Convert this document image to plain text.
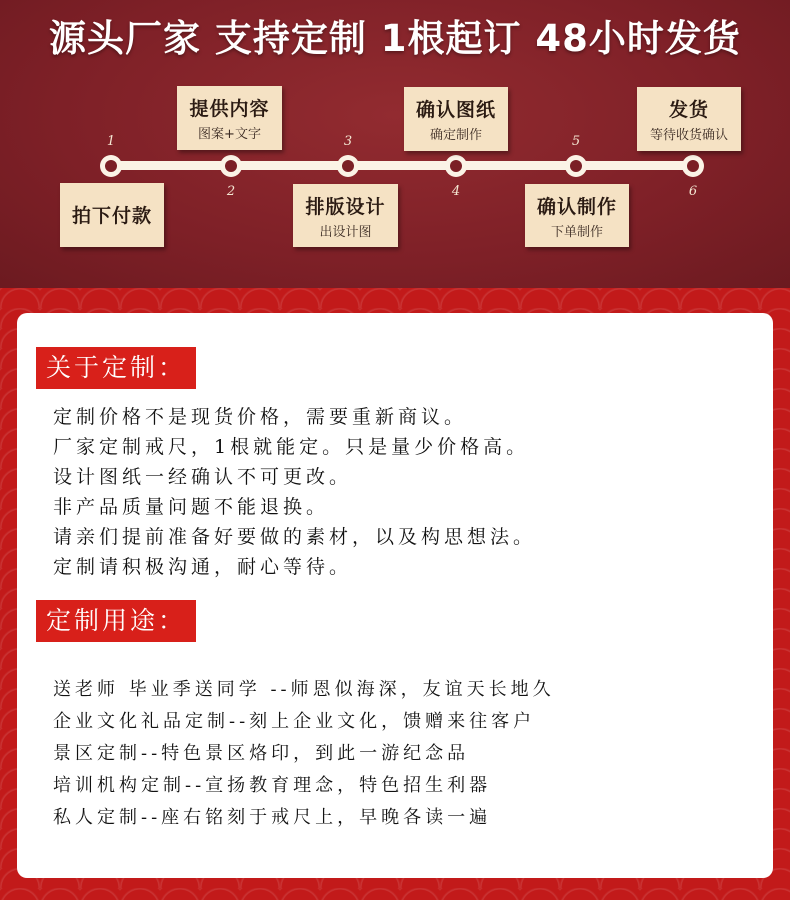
源头厂家 支持定制 1根起订 48小时发货
1
2
3
4
5
6
拍下付款
提供内容
图案+文字
排版设计
出设计图
确认图纸
确定制作
确认制作
下单制作
发货
等待收货确认
关于定制：
定制价格不是现货价格，需要重新商议。
厂家定制戒尺，1根就能定。只是量少价格高。
设计图纸一经确认不可更改。
非产品质量问题不能退换。
请亲们提前准备好要做的素材，以及构思想法。
定制请积极沟通，耐心等待。
定制用途：
送老师 毕业季送同学 --师恩似海深，友谊天长地久
企业文化礼品定制--刻上企业文化，馈赠来往客户
景区定制--特色景区烙印，到此一游纪念品
培训机构定制--宣扬教育理念，特色招生利器
私人定制--座右铭刻于戒尺上，早晚各读一遍
